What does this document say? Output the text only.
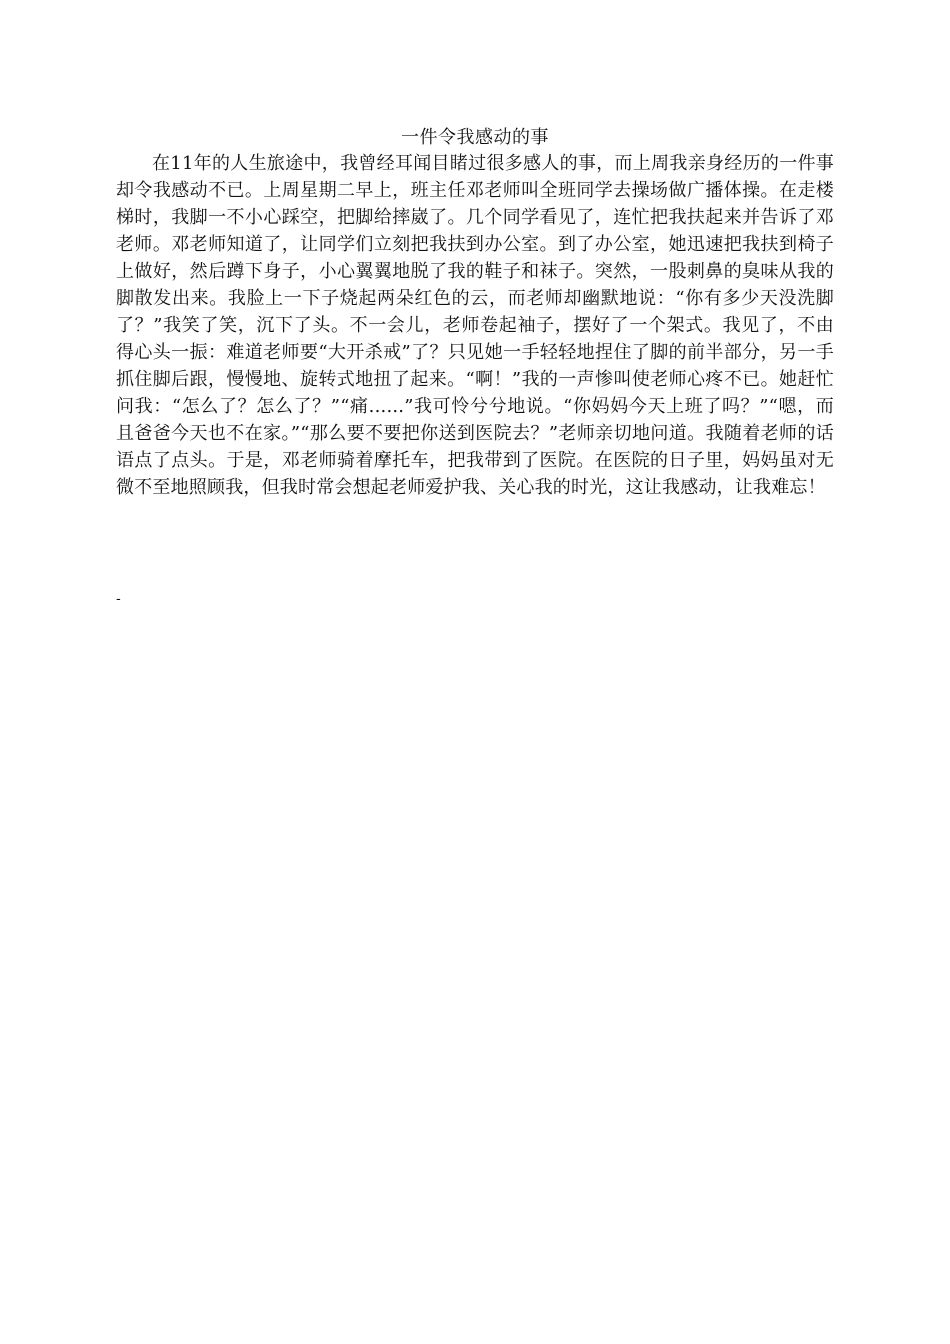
一件令我感动的事

在11年的人生旅途中，我曾经耳闻目睹过很多感人的事，而上周我亲身经历的一件事却令我感动不已。上周星期二早上，班主任邓老师叫全班同学去操场做广播体操。在走楼梯时，我脚一不小心踩空，把脚给摔崴了。几个同学看见了，连忙把我扶起来并告诉了邓老师。邓老师知道了，让同学们立刻把我扶到办公室。到了办公室，她迅速把我扶到椅子上做好，然后蹲下身子，小心翼翼地脱了我的鞋子和袜子。突然，一股刺鼻的臭味从我的脚散发出来。我脸上一下子烧起两朵红色的云，而老师却幽默地说：“你有多少天没洗脚了？”我笑了笑，沉下了头。不一会儿，老师卷起袖子，摆好了一个架式。我见了，不由得心头一振：难道老师要“大开杀戒”了？只见她一手轻轻地捏住了脚的前半部分，另一手抓住脚后跟，慢慢地、旋转式地扭了起来。“啊！”我的一声惨叫使老师心疼不已。她赶忙问我：“怎么了？怎么了？”“痛......”我可怜兮兮地说。“你妈妈今天上班了吗？”“嗯，而且爸爸今天也不在家。”“那么要不要把你送到医院去？”老师亲切地问道。我随着老师的话语点了点头。于是，邓老师骑着摩托车，把我带到了医院。在医院的日子里，妈妈虽对无微不至地照顾我，但我时常会想起老师爱护我、关心我的时光，这让我感动，让我难忘！

-
